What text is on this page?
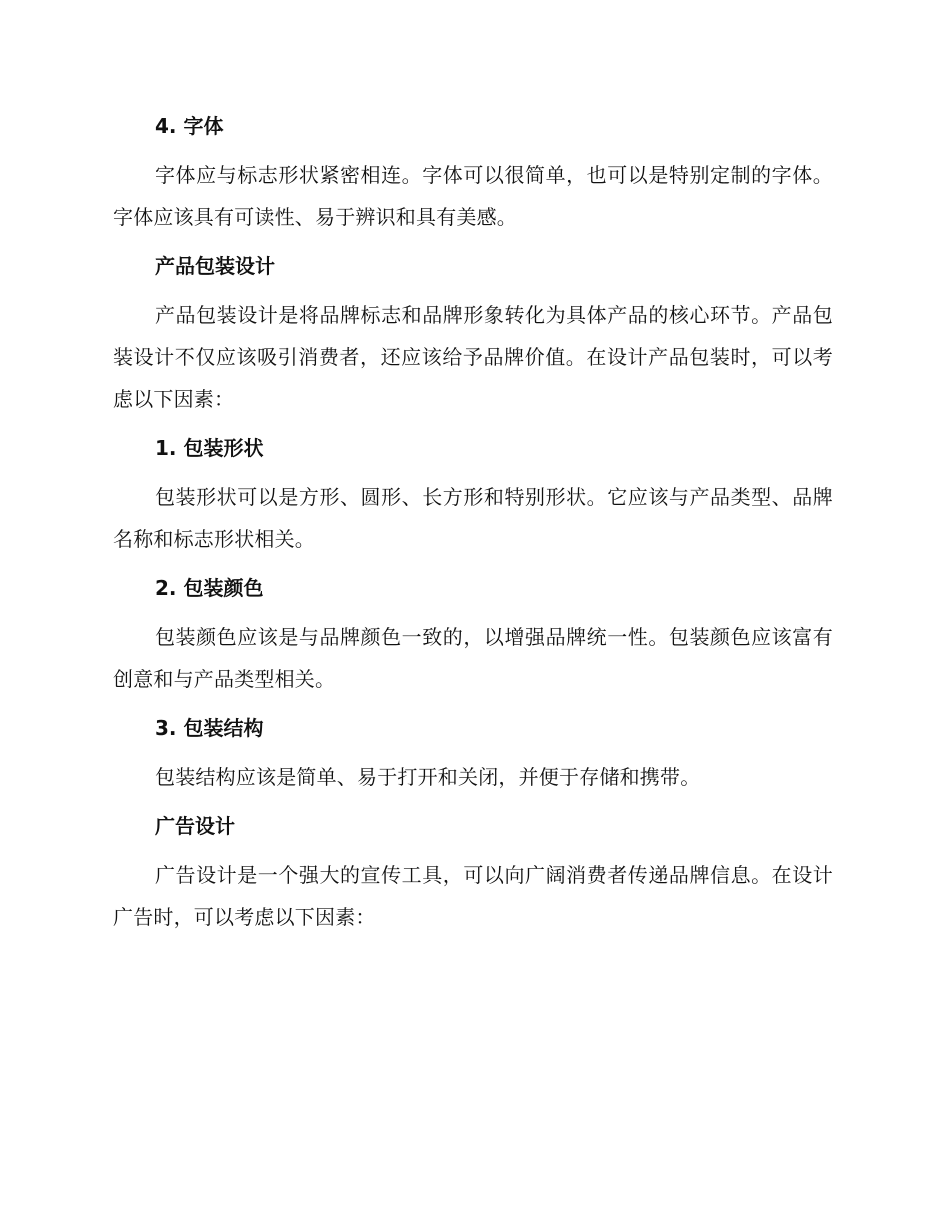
4. 字体

字体应与标志形状紧密相连。字体可以很简单，也可以是特别定制的字体。字体应该具有可读性、易于辨识和具有美感。

产品包装设计

产品包装设计是将品牌标志和品牌形象转化为具体产品的核心环节。产品包装设计不仅应该吸引消费者，还应该给予品牌价值。在设计产品包装时，可以考虑以下因素：

1. 包装形状

包装形状可以是方形、圆形、长方形和特别形状。它应该与产品类型、品牌名称和标志形状相关。

2. 包装颜色

包装颜色应该是与品牌颜色一致的，以增强品牌统一性。包装颜色应该富有创意和与产品类型相关。

3. 包装结构

包装结构应该是简单、易于打开和关闭，并便于存储和携带。

广告设计

广告设计是一个强大的宣传工具，可以向广阔消费者传递品牌信息。在设计广告时，可以考虑以下因素：
